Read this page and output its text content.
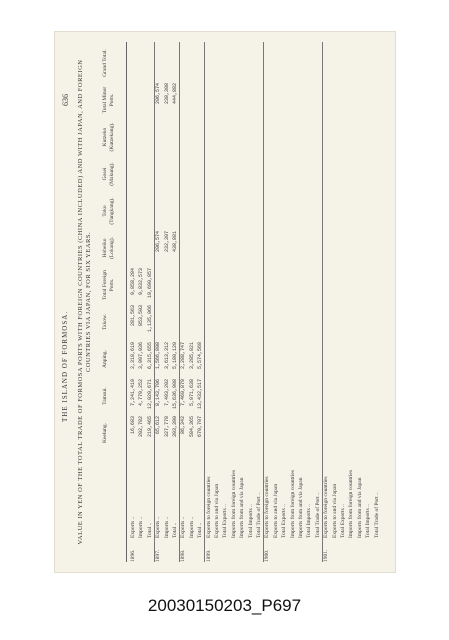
636
THE ISLAND OF FORMOSA. VALUE IN YEN OF THE TOTAL TRADE OF FORMOSA PORTS WITH FOREIGN COUNTRIES (CHINA INCLUDED) AND WITH JAPAN, AND FOREIGN COUNTRIES VIA JAPAN, FOR SIX YEARS.
Keelung.
Tamsui.
Anping.
Takow.
Total Foreign Ports.
Hobeiko (Lokang).
Toko (Tungkang).
Gosei (Makung).
Kutzeko (Kutzekang).
Total Minor Ports.
Grand Total.
1896.
Exports ..
16,683
7,241,419
2,318,619
281,563
9,858,284
Imports ..
202,782
4,779,252
3,997,036
853,503
9,832,573
Total ..
219,465
12,020,671
6,315,655
1,135,066
19,690,857
1897.
Exports ..
65,612
8,143,706
1,566,808
206,574
206,574
Imports ..
327,778
7,493,202
3,613,312
232,307
238,308
Total ..
393,390
15,636,908
5,180,120
438,881
444,882
1898.
Exports ..
86,342
7,460,879
2,288,747
Imports ..
584,365
5,971,638
3,285,821
Total ..
670,707
13,432,517
5,574,568
1899.
Exports to foreign countries Exports to and via Japan Total Exports .. Imports from foreign countries Imports from and via Japan Total Imports .. Total Trade of Port ..
1900.
Exports to foreign countries Exports to and via Japan Total Exports .. Imports from foreign countries Imports from and via Japan Total Imports .. Total Trade of Port ..
1901.
Exports to foreign countries Exports to and via Japan Total Exports .. Imports from foreign countries Imports from and via Japan Total Imports .. Total Trade of Port ..
20030150203_P697
